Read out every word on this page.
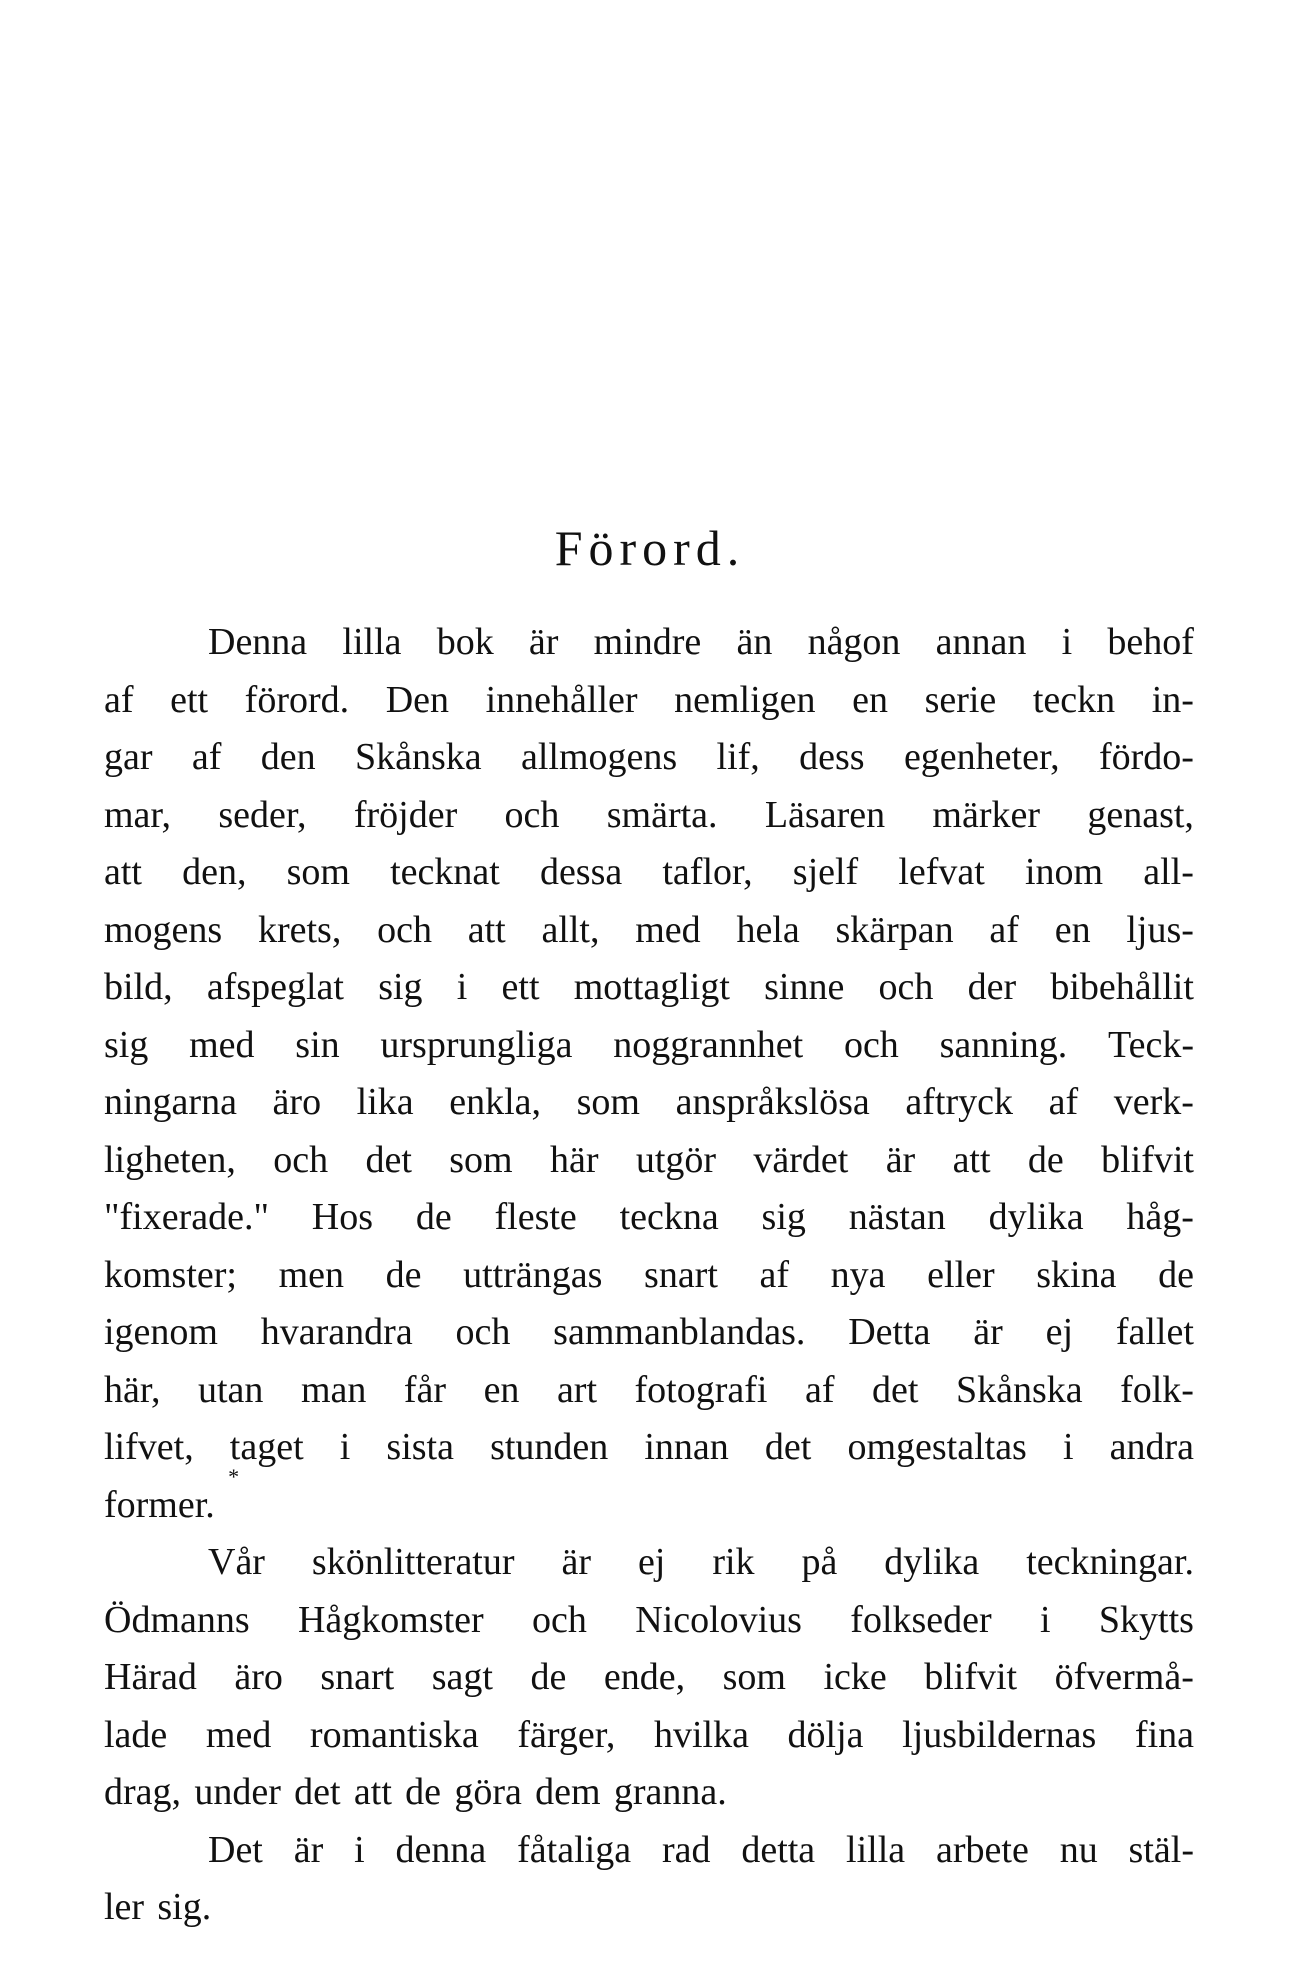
Förord.
Denna lilla bok är mindre än någon annan i behof
af ett förord. Den innehåller nemligen en serie teckn in-
gar af den Skånska allmogens lif, dess egenheter, fördo-
mar, seder, fröjder och smärta. Läsaren märker genast,
att den, som tecknat dessa taflor, sjelf lefvat inom all-
mogens krets, och att allt, med hela skärpan af en ljus-
bild, afspeglat sig i ett mottagligt sinne och der bibehållit
sig med sin ursprungliga noggrannhet och sanning. Teck-
ningarna äro lika enkla, som anspråkslösa aftryck af verk-
ligheten, och det som här utgör värdet är att de blifvit
"fixerade." Hos de fleste teckna sig nästan dylika håg-
komster; men de utträngas snart af nya eller skina de
igenom hvarandra och sammanblandas. Detta är ej fallet
här, utan man får en art fotografi af det Skånska folk-
lifvet, taget i sista stunden innan det omgestaltas i andra
former.
*
Vår skönlitteratur är ej rik på dylika teckningar.
Ödmanns Hågkomster och Nicolovius folkseder i Skytts
Härad äro snart sagt de ende, som icke blifvit öfvermå-
lade med romantiska färger, hvilka dölja ljusbildernas fina
drag, under det att de göra dem granna.
Det är i denna fåtaliga rad detta lilla arbete nu stäl-
ler sig.
